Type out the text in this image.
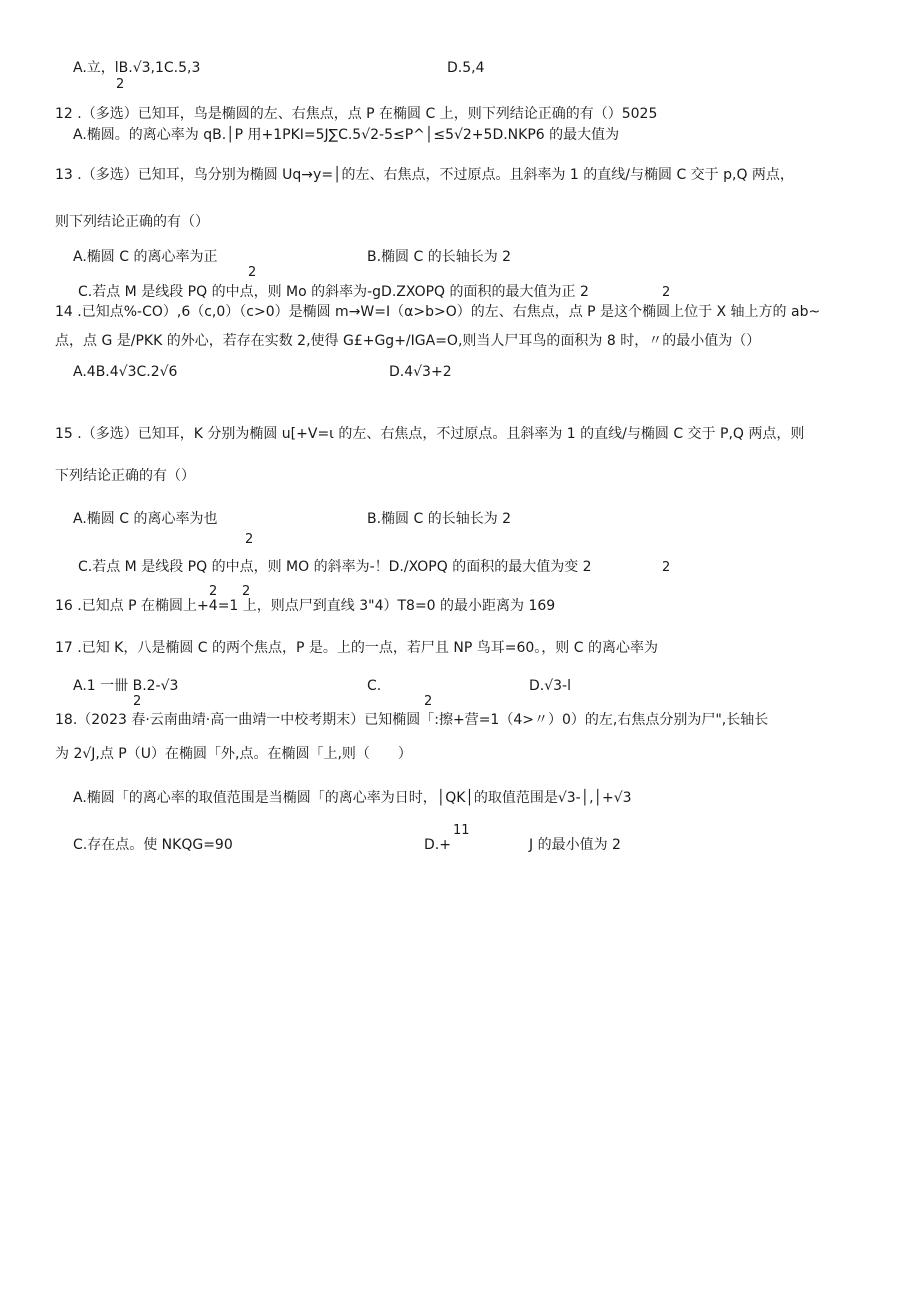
A.立，lB.√3,1C.5,3	D.5,4
2
12 .（多选）已知耳，鸟是椭圆的左、右焦点，点 P 在椭圆 C 上，则下列结论正确的有（）5025
A.椭圆。的离心率为 qB.│P 用+1PKI=5J∑C.5√2-5≤P^│≤5√2+5D.NKP6 的最大值为
13 .（多选）已知耳，鸟分别为椭圆 Uq→y=│的左、右焦点，不过原点。且斜率为 1 的直线/与椭圆 C 交于 p,Q 两点，
则下列结论正确的有（）
A.椭圆 C 的离心率为正	B.椭圆 C 的长轴长为 2
2
C.若点 M 是线段 PQ 的中点，则 Mo 的斜率为-gD.ZXOPQ 的面积的最大值为正 2	2
14 .已知点%-CO）,6（c,0）（c>0）是椭圆 m→W=I（α>b>O）的左、右焦点，点 P 是这个椭圆上位于 X 轴上方的 ab~
点，点 G 是/PKK 的外心，若存在实数 2,使得 G£+Gg+/IGA=O,则当人尸耳鸟的面积为 8 时，〃的最小值为（）
A.4B.4√3C.2√6	D.4√3+2
15 .（多选）已知耳，K 分别为椭圆 u[+V=ι 的左、右焦点，不过原点。且斜率为 1 的直线/与椭圆 C 交于 P,Q 两点，则
下列结论正确的有（）
A.椭圆 C 的离心率为也	B.椭圆 C 的长轴长为 2
2
C.若点 M 是线段 PQ 的中点，则 MO 的斜率为-！D./XOPQ 的面积的最大值为变 2	2
2 2
16 .已知点 P 在椭圆上+4=1 上，则点尸到直线 3"4）T8=0 的最小距离为 169
17 .已知 K，八是椭圆 C 的两个焦点，P 是。上的一点，若尸且 NP 鸟耳=60。，则 C 的离心率为
A.1 一卌 B.2-√3	C.	D.√3-l
2	2
18.（2023 春·云南曲靖·高一曲靖一中校考期末）已知椭圆「:擦+营=1（4>〃）0）的左,右焦点分别为尸",长轴长
为 2√J,点 P（U）在椭圆「外,点。在椭圆「上,则（　　）
A.椭圆「的离心率的取值范围是当椭圆「的离心率为日时，│QK│的取值范围是√3-│,│+√3
11
C.存在点。使 NKQG=90	D.+	J 的最小值为 2
